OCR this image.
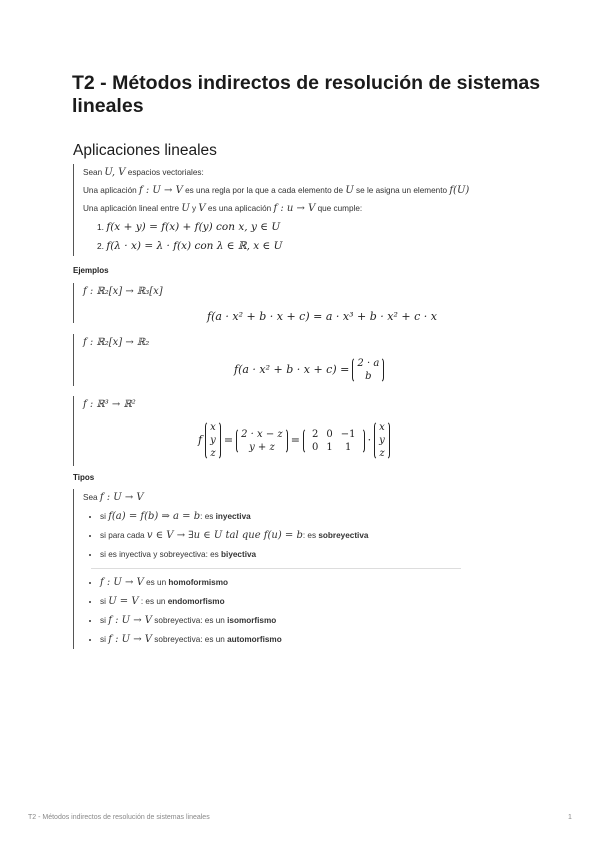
T2 - Métodos indirectos de resolución de sistemas lineales
Aplicaciones lineales
Sean U, V espacios vectoriales:
Una aplicación f : U → V es una regla por la que a cada elemento de U se le asigna un elemento f(U)
Una aplicación lineal entre U y V es una aplicación f : u → V que cumple:
1. f(x + y) = f(x) + f(y) con x, y ∈ U
2. f(λ · x) = λ · f(x) con λ ∈ ℝ, x ∈ U
Ejemplos
f : ℝ₂[x] → ℝ₃[x]
f(a · x² + b · x + c) = a · x³ + b · x² + c · x
f : ℝ₂[x] → ℝ₂
f(a · x² + b · x + c) = 2 · a
b
f : ℝ³ → ℝ²
f
x
y
z
= 2 · x − z
y + z
= 2	0	−1
0	1	1 ·
x
y
z
Tipos
Sea f : U → V
• si f(a) = f(b) ⇒ a = b: es inyectiva
• si para cada v ∈ V → ∃u ∈ U tal que f(u) = b: es sobreyectiva
• si es inyectiva y sobreyectiva: es biyectiva
• f : U → V es un homoformismo
• si U = V : es un endomorfismo
• si f : U → V sobreyectiva: es un isomorfismo
• si f : U → V sobreyectiva: es un automorfismo
T2 - Métodos indirectos de resolución de sistemas lineales	1
